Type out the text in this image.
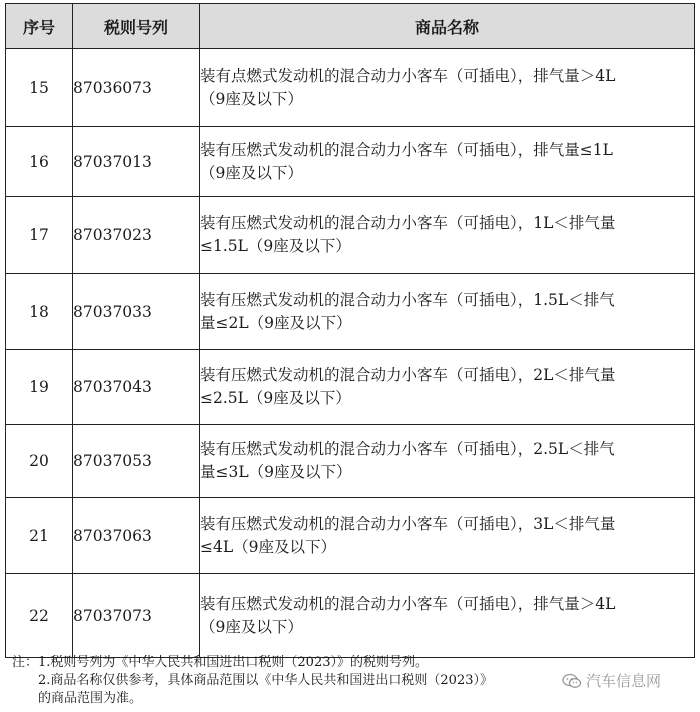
序号	税则号列	商品名称
15	87036073	装有点燃式发动机的混合动力小客车（可插电），排气量＞4L
（9座及以下）
16	87037013	装有压燃式发动机的混合动力小客车（可插电），排气量≤1L
（9座及以下）
17	87037023	装有压燃式发动机的混合动力小客车（可插电），1L＜排气量
≤1.5L（9座及以下）
18	87037033	装有压燃式发动机的混合动力小客车（可插电），1.5L＜排气
量≤2L（9座及以下）
19	87037043	装有压燃式发动机的混合动力小客车（可插电），2L＜排气量
≤2.5L（9座及以下）
20	87037053	装有压燃式发动机的混合动力小客车（可插电），2.5L＜排气
量≤3L（9座及以下）
21	87037063	装有压燃式发动机的混合动力小客车（可插电），3L＜排气量
≤4L（9座及以下）
22	87037073	装有压燃式发动机的混合动力小客车（可插电），排气量＞4L
（9座及以下）
注：1.税则号列为《中华人民共和国进出口税则（2023）》的税则号列。
2.商品名称仅供参考，具体商品范围以《中华人民共和国进出口税则（2023）》
的商品范围为准。
汽车信息网
